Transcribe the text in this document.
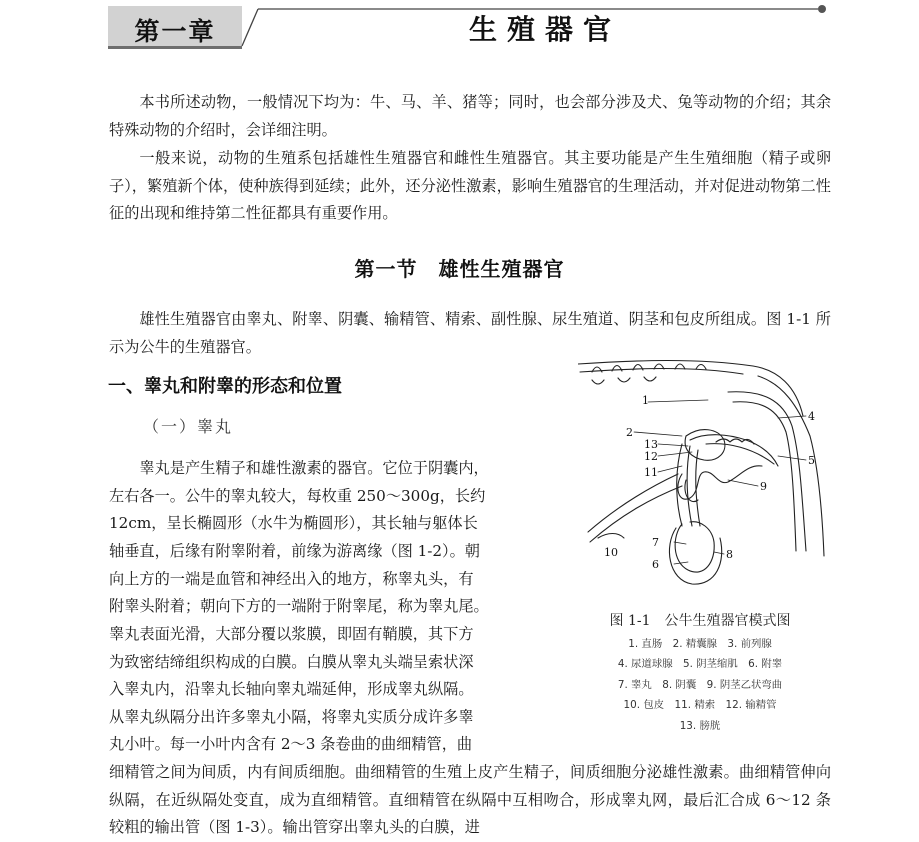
第一章	生殖器官

本书所述动物，一般情况下均为：牛、马、羊、猪等；同时，也会部分涉及犬、兔等动物的介绍；其余特殊动物的介绍时，会详细注明。

一般来说，动物的生殖系包括雄性生殖器官和雌性生殖器官。其主要功能是产生生殖细胞（精子或卵子），繁殖新个体，使种族得到延续；此外，还分泌性激素，影响生殖器官的生理活动，并对促进动物第二性征的出现和维持第二性征都具有重要作用。

第一节　雄性生殖器官

雄性生殖器官由睾丸、附睾、阴囊、输精管、精索、副性腺、尿生殖道、阴茎和包皮所组成。图 1-1 所示为公牛的生殖器官。

一、睾丸和附睾的形态和位置
（一）睾丸

睾丸是产生精子和雄性激素的器官。它位于阴囊内，

左右各一。公牛的睾丸较大，每枚重 250～300g，长约

12cm，呈长椭圆形（水牛为椭圆形），其长轴与躯体长

轴垂直，后缘有附睾附着，前缘为游离缘（图 1-2）。朝

向上方的一端是血管和神经出入的地方，称睾丸头，有

附睾头附着；朝向下方的一端附于附睾尾，称为睾丸尾。

睾丸表面光滑，大部分覆以浆膜，即固有鞘膜，其下方

为致密结缔组织构成的白膜。白膜从睾丸头端呈索状深

入睾丸内，沿睾丸长轴向睾丸端延伸，形成睾丸纵隔。

从睾丸纵隔分出许多睾丸小隔，将睾丸实质分成许多睾

丸小叶。每一小叶内含有 2～3 条卷曲的曲细精管，曲

细精管之间为间质，内有间质细胞。曲细精管的生殖上皮产生精子，间质细胞分泌雄性激素。曲细精管伸向纵隔，在近纵隔处变直，成为直细精管。直细精管在纵隔中互相吻合，形成睾丸网，最后汇合成 6～12 条较粗的输出管（图 1-3）。输出管穿出睾丸头的白膜，进

1
2
4
5
6
7
8
9
10
11
12
13
图 1-1　公牛生殖器官模式图
1. 直肠　2. 精囊腺　3. 前列腺
4. 尿道球腺　5. 阴茎缩肌　6. 附睾
7. 睾丸　8. 阴囊　9. 阴茎乙状弯曲
10. 包皮　11. 精索　12. 输精管
13. 膀胱
